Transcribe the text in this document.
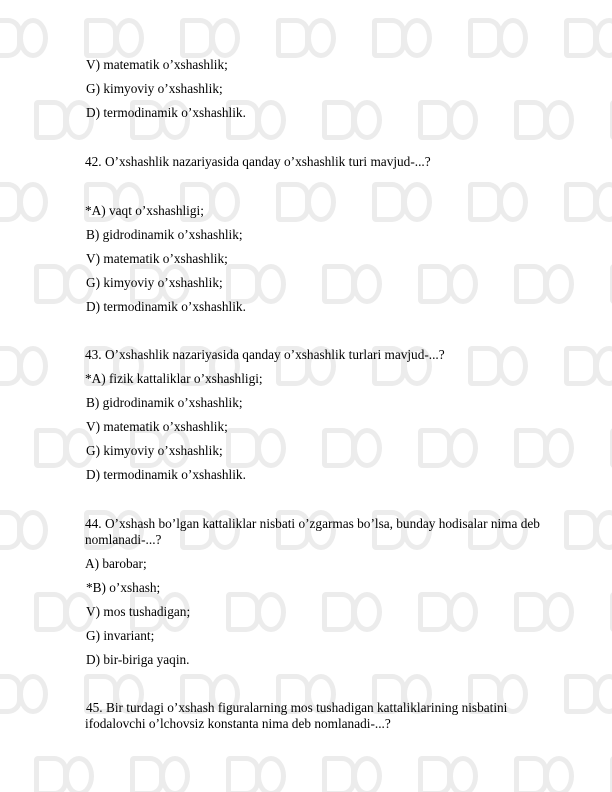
V) matematik o’xshashlik;
G) kimyoviy o’xshashlik;
D) termodinamik o’xshashlik.
42. O’xshashlik nazariyasida qanday o’xshashlik turi mavjud-...?
*A) vaqt o’xshashligi;
B) gidrodinamik o’xshashlik;
V) matematik o’xshashlik;
G) kimyoviy o’xshashlik;
D) termodinamik o’xshashlik.
43. O’xshashlik nazariyasida qanday o’xshashlik turlari mavjud-...?
*A) fizik kattaliklar o’xshashligi;
B) gidrodinamik o’xshashlik;
V) matematik o’xshashlik;
G) kimyoviy o’xshashlik;
D) termodinamik o’xshashlik.
44. O’xshash bo’lgan kattaliklar nisbati o’zgarmas bo’lsa, bunday hodisalar nima deb
nomlanadi-...?
A) barobar;
*B) o’xshash;
V) mos tushadigan;
G) invariant;
D) bir-biriga yaqin.
45. Bir turdagi o’xshash figuralarning mos tushadigan kattaliklarining nisbatini
ifodalovchi o’lchovsiz konstanta nima deb nomlanadi-...?
